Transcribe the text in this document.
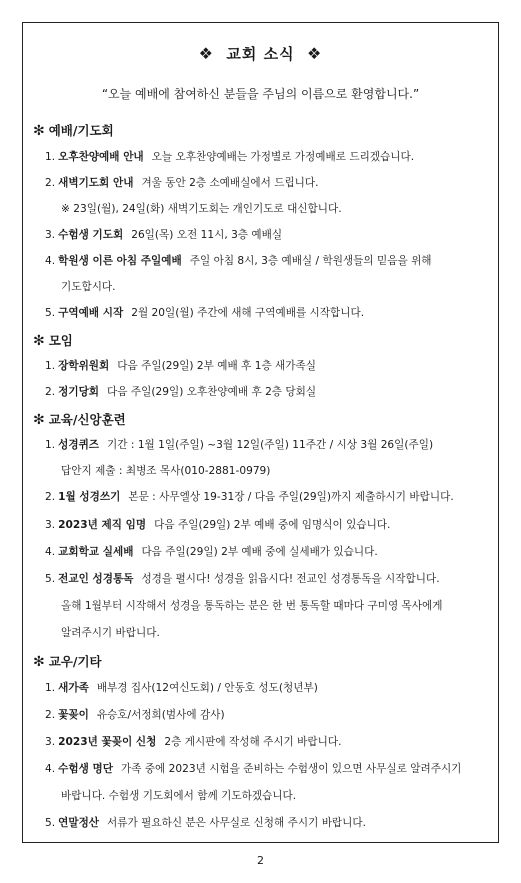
❖ 교회 소식 ❖
“오늘 예배에 참여하신 분들을 주님의 이름으로 환영합니다.”
✻ 예배/기도회
1. 오후찬양예배 안내 오늘 오후찬양예배는 가정별로 가정예배로 드리겠습니다.
2. 새벽기도회 안내 겨울 동안 2층 소예배실에서 드립니다.
※ 23일(월), 24일(화) 새벽기도회는 개인기도로 대신합니다.
3. 수험생 기도회 26일(목) 오전 11시, 3층 예배실
4. 학원생 이른 아침 주일예배 주일 아침 8시, 3층 예배실 / 학원생들의 믿음을 위해
기도합시다.
5. 구역예배 시작 2월 20일(월) 주간에 새해 구역예배를 시작합니다.
✻ 모임
1. 장학위원회 다음 주일(29일) 2부 예배 후 1층 새가족실
2. 정기당회 다음 주일(29일) 오후찬양예배 후 2층 당회실
✻ 교육/신앙훈련
1. 성경퀴즈 기간 : 1월 1일(주일) ~3월 12일(주일) 11주간 / 시상 3월 26일(주일)
답안지 제출 : 최병조 목사(010-2881-0979)
2. 1월 성경쓰기 본문 : 사무엘상 19-31장 / 다음 주일(29일)까지 제출하시기 바랍니다.
3. 2023년 제직 임명 다음 주일(29일) 2부 예배 중에 임명식이 있습니다.
4. 교회학교 실세배 다음 주일(29일) 2부 예배 중에 실세배가 있습니다.
5. 전교인 성경통독 성경을 펼시다! 성경을 읽읍시다! 전교인 성경통독을 시작합니다.
올해 1월부터 시작해서 성경을 통독하는 분은 한 번 통독할 때마다 구미영 목사에게
알려주시기 바랍니다.
✻ 교우/기타
1. 새가족 배부경 집사(12여신도회) / 안동호 성도(청년부)
2. 꽃꽂이 유승호/서정희(범사에 감사)
3. 2023년 꽃꽂이 신청 2층 게시판에 작성해 주시기 바랍니다.
4. 수험생 명단 가족 중에 2023년 시험을 준비하는 수험생이 있으면 사무실로 알려주시기
바랍니다. 수험생 기도회에서 함께 기도하겠습니다.
5. 연말정산 서류가 필요하신 분은 사무실로 신청해 주시기 바랍니다.
2
